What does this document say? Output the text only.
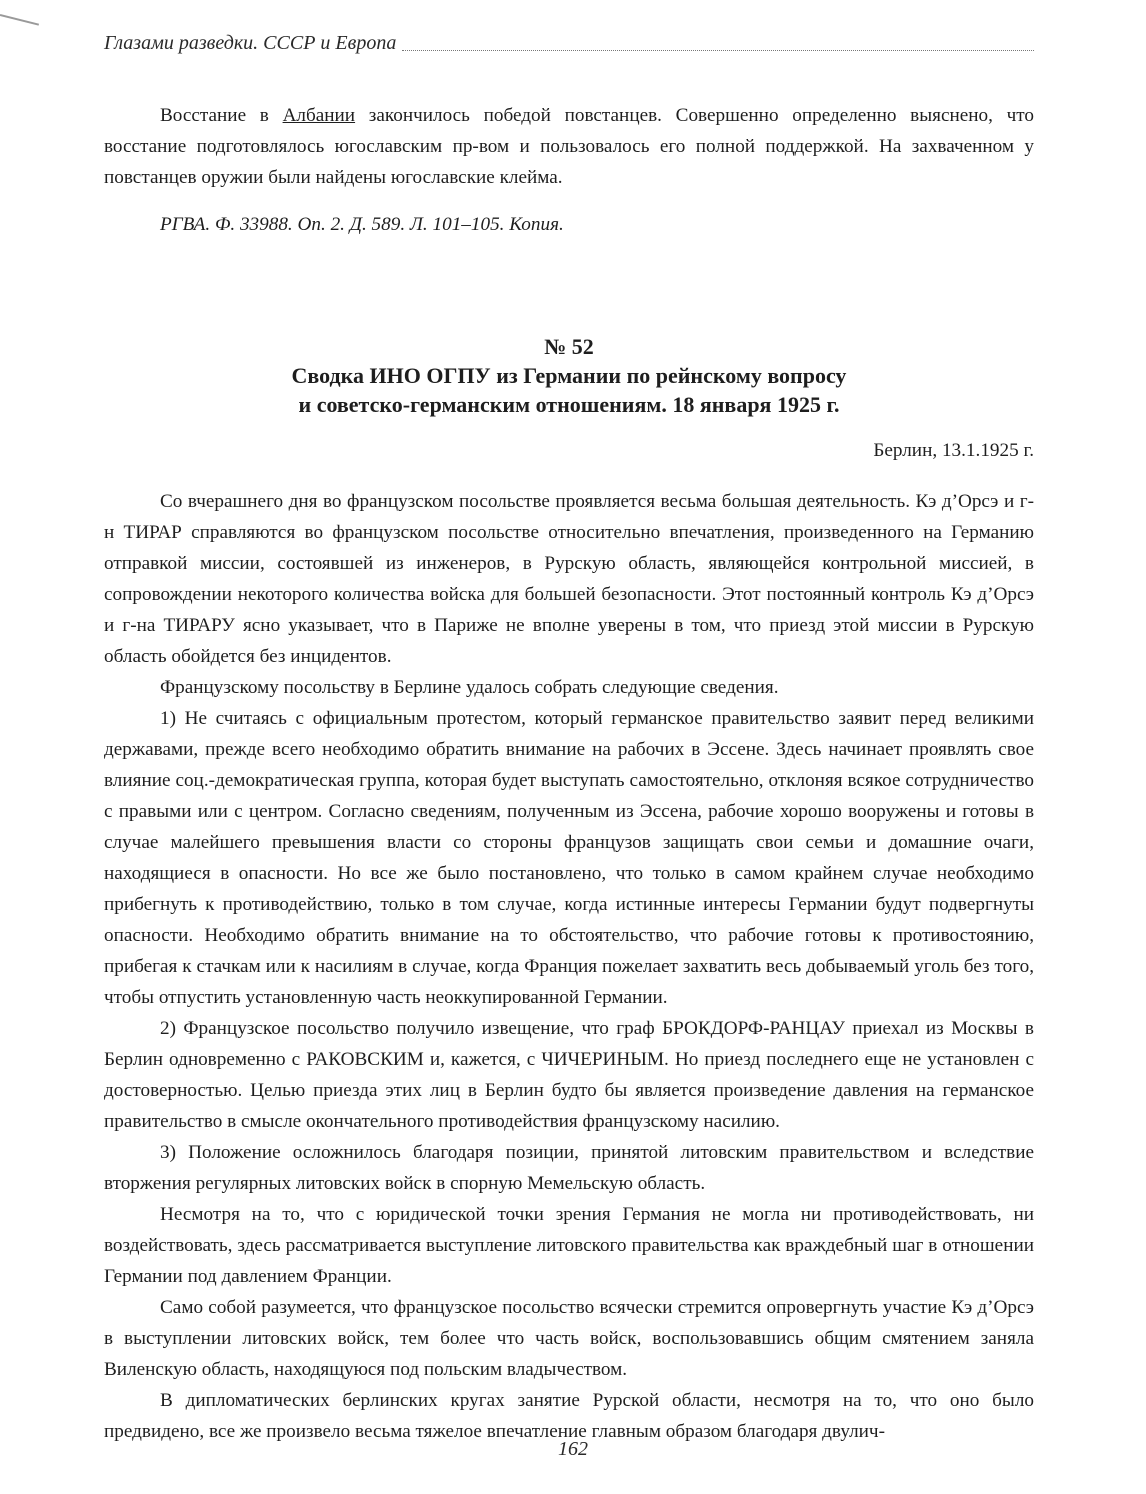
Глазами разведки. СССР и Европа

Восстание в Албании закончилось победой повстанцев. Совершенно определенно выяснено, что восстание подготовлялось югославским пр-вом и пользовалось его полной поддержкой. На захваченном у повстанцев оружии были найдены югославские клейма.

РГВА. Ф. 33988. Оп. 2. Д. 589. Л. 101–105. Копия.

№ 52
Сводка ИНО ОГПУ из Германии по рейнскому вопросу
и советско-германским отношениям. 18 января 1925 г.
Берлин, 13.1.1925 г.

Со вчерашнего дня во французском посольстве проявляется весьма большая деятельность. Кэ д’Орсэ и г-н ТИРАР справляются во французском посольстве относительно впечатления, произведенного на Германию отправкой миссии, состоявшей из инженеров, в Рурскую область, являющейся контрольной миссией, в сопровождении некоторого количества войска для большей безопасности. Этот постоянный контроль Кэ д’Орсэ и г-на ТИРАРУ ясно указывает, что в Париже не вполне уверены в том, что приезд этой миссии в Рурскую область обойдется без инцидентов.

Французскому посольству в Берлине удалось собрать следующие сведения.

1) Не считаясь с официальным протестом, который германское правительство заявит перед великими державами, прежде всего необходимо обратить внимание на рабочих в Эссене. Здесь начинает проявлять свое влияние соц.-демократическая группа, которая будет выступать самостоятельно, отклоняя всякое сотрудничество с правыми или с центром. Согласно сведениям, полученным из Эссена, рабочие хорошо вооружены и готовы в случае малейшего превышения власти со стороны французов защищать свои семьи и домашние очаги, находящиеся в опасности. Но все же было постановлено, что только в самом крайнем случае необходимо прибегнуть к противодействию, только в том случае, когда истинные интересы Германии будут подвергнуты опасности. Необходимо обратить внимание на то обстоятельство, что рабочие готовы к противостоянию, прибегая к стачкам или к насилиям в случае, когда Франция пожелает захватить весь добываемый уголь без того, чтобы отпустить установленную часть неоккупированной Германии.

2) Французское посольство получило извещение, что граф БРОКДОРФ-РАНЦАУ приехал из Москвы в Берлин одновременно с РАКОВСКИМ и, кажется, с ЧИЧЕРИНЫМ. Но приезд последнего еще не установлен с достоверностью. Целью приезда этих лиц в Берлин будто бы является произведение давления на германское правительство в смысле окончательного противодействия французскому насилию.

3) Положение осложнилось благодаря позиции, принятой литовским правительством и вследствие вторжения регулярных литовских войск в спорную Мемельскую область.

Несмотря на то, что с юридической точки зрения Германия не могла ни противодействовать, ни воздействовать, здесь рассматривается выступление литовского правительства как враждебный шаг в отношении Германии под давлением Франции.

Само собой разумеется, что французское посольство всячески стремится опровергнуть участие Кэ д’Орсэ в выступлении литовских войск, тем более что часть войск, воспользовавшись общим смятением заняла Виленскую область, находящуюся под польским владычеством.

В дипломатических берлинских кругах занятие Рурской области, несмотря на то, что оно было предвидено, все же произвело весьма тяжелое впечатление главным образом благодаря двулич-

162
